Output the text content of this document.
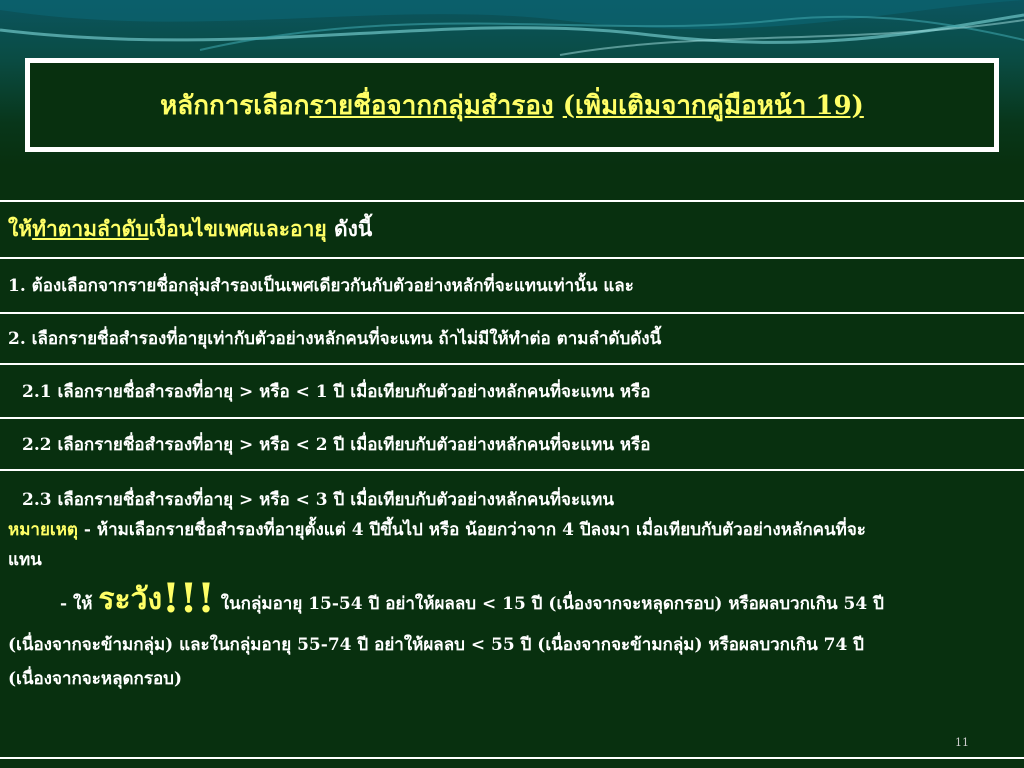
หลักการเลือกรายชื่อจากกลุ่มสำรอง (เพิ่มเติมจากคู่มือหน้า 19)
ให้ ทำตามลำดับ เงื่อนไขเพศและอายุ ดังนี้
1. ต้องเลือกจากรายชื่อกลุ่มสำรองเป็นเพศเดียวกันกับตัวอย่างหลักที่จะแทนเท่านั้น และ
2. เลือกรายชื่อสำรองที่อายุเท่ากับตัวอย่างหลักคนที่จะแทน ถ้าไม่มีให้ทำต่อ ตามลำดับดังนี้
2.1 เลือกรายชื่อสำรองที่อายุ > หรือ < 1 ปี เมื่อเทียบกับตัวอย่างหลักคนที่จะแทน หรือ
2.2 เลือกรายชื่อสำรองที่อายุ > หรือ < 2 ปี เมื่อเทียบกับตัวอย่างหลักคนที่จะแทน หรือ
2.3 เลือกรายชื่อสำรองที่อายุ > หรือ < 3 ปี เมื่อเทียบกับตัวอย่างหลักคนที่จะแทน
หมายเหตุ - ห้ามเลือกรายชื่อสำรองที่อายุตั้งแต่ 4 ปีขึ้นไป หรือ น้อยกว่าจาก 4 ปีลงมา เมื่อเทียบกับตัวอย่างหลักคนที่จะ
แทน
- ให้ ระวัง!!! ในกลุ่มอายุ 15-54 ปี อย่าให้ผลลบ < 15 ปี (เนื่องจากจะหลุดกรอบ) หรือผลบวกเกิน 54 ปี
(เนื่องจากจะข้ามกลุ่ม) และในกลุ่มอายุ 55-74 ปี อย่าให้ผลลบ < 55 ปี (เนื่องจากจะข้ามกลุ่ม) หรือผลบวกเกิน 74 ปี
(เนื่องจากจะหลุดกรอบ)
11
